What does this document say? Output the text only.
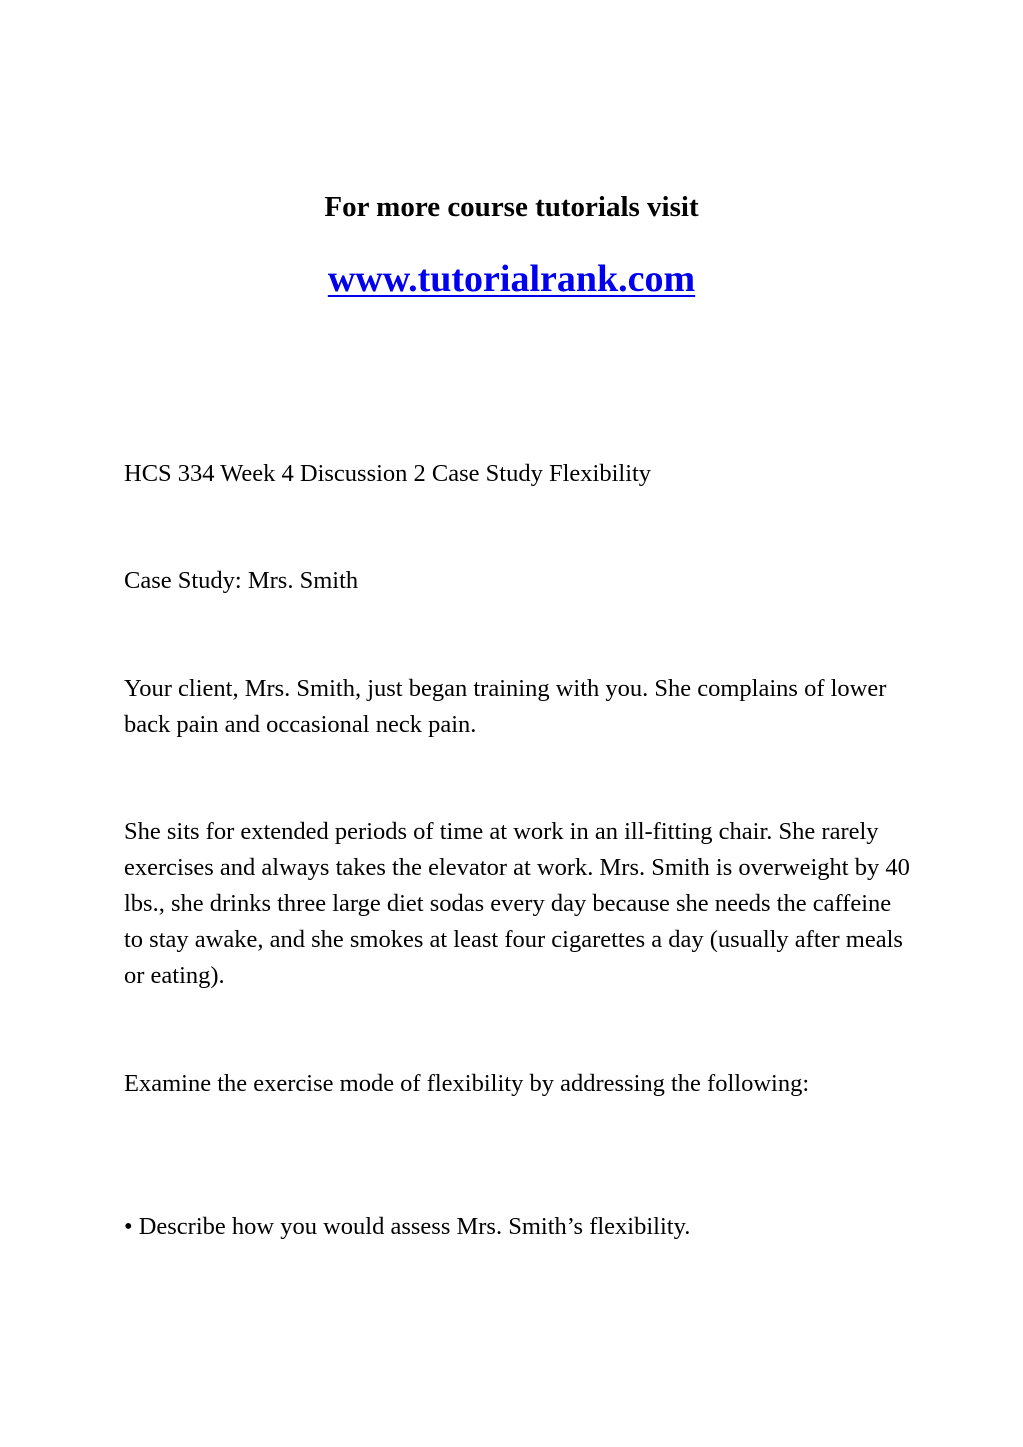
For more course tutorials visit
www.tutorialrank.com

HCS 334 Week 4 Discussion 2 Case Study Flexibility

Case Study: Mrs. Smith

Your client, Mrs. Smith, just began training with you. She complains of lower back pain and occasional neck pain.

She sits for extended periods of time at work in an ill-fitting chair. She rarely exercises and always takes the elevator at work. Mrs. Smith is overweight by 40 lbs., she drinks three large diet sodas every day because she needs the caffeine to stay awake, and she smokes at least four cigarettes a day (usually after meals or eating).

Examine the exercise mode of flexibility by addressing the following:

• Describe how you would assess Mrs. Smith’s flexibility.
